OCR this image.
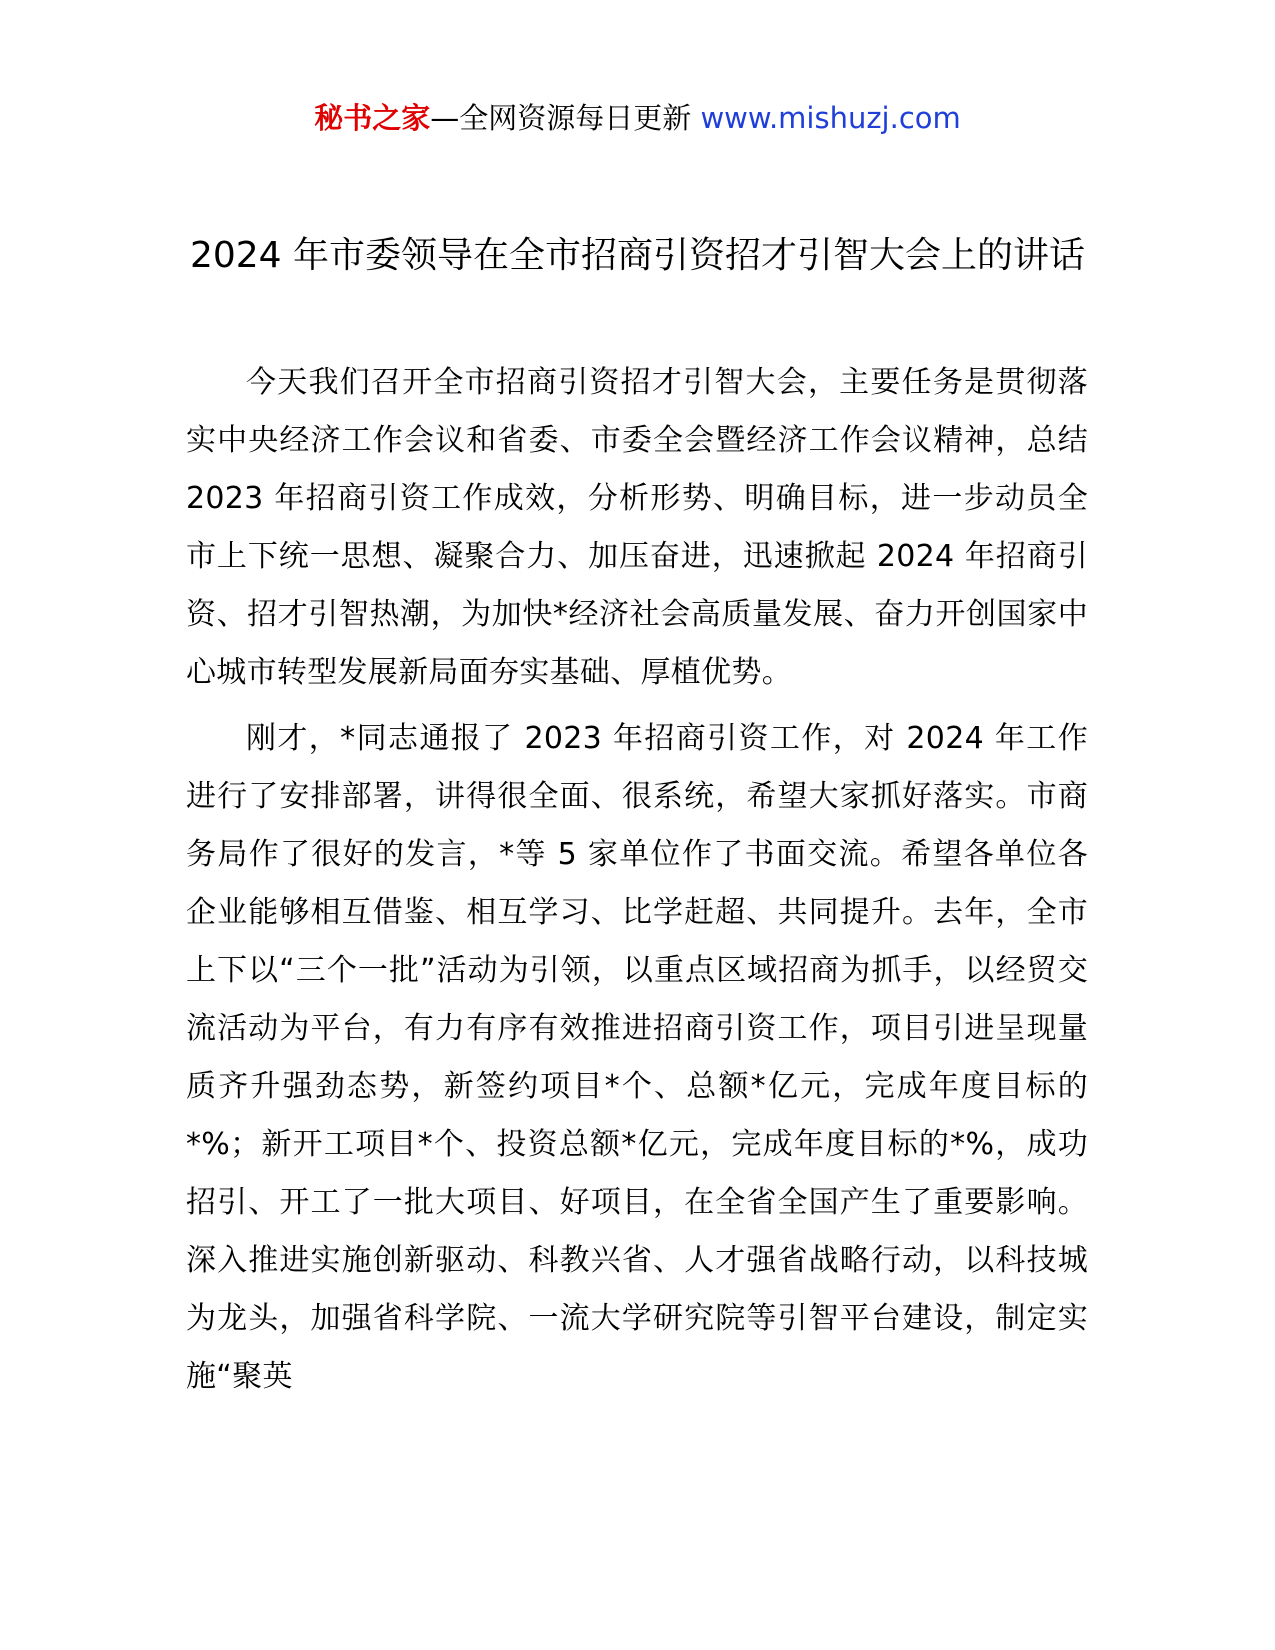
秘书之家—全网资源每日更新 www.mishuzj.com
2024 年市委领导在全市招商引资招才引智大会上的讲话

今天我们召开全市招商引资招才引智大会，主要任务是贯彻落实中央经济工作会议和省委、市委全会暨经济工作会议精神，总结 2023 年招商引资工作成效，分析形势、明确目标，进一步动员全市上下统一思想、凝聚合力、加压奋进，迅速掀起 2024 年招商引资、招才引智热潮，为加快*经济社会高质量发展、奋力开创国家中心城市转型发展新局面夯实基础、厚植优势。

刚才，*同志通报了 2023 年招商引资工作，对 2024 年工作进行了安排部署，讲得很全面、很系统，希望大家抓好落实。市商务局作了很好的发言，*等 5 家单位作了书面交流。希望各单位各企业能够相互借鉴、相互学习、比学赶超、共同提升。去年，全市上下以“三个一批”活动为引领，以重点区域招商为抓手，以经贸交流活动为平台，有力有序有效推进招商引资工作，项目引进呈现量质齐升强劲态势，新签约项目*个、总额*亿元，完成年度目标的*%；新开工项目*个、投资总额*亿元，完成年度目标的*%，成功招引、开工了一批大项目、好项目，在全省全国产生了重要影响。深入推进实施创新驱动、科教兴省、人才强省战略行动，以科技城为龙头，加强省科学院、一流大学研究院等引智平台建设，制定实施“聚英
